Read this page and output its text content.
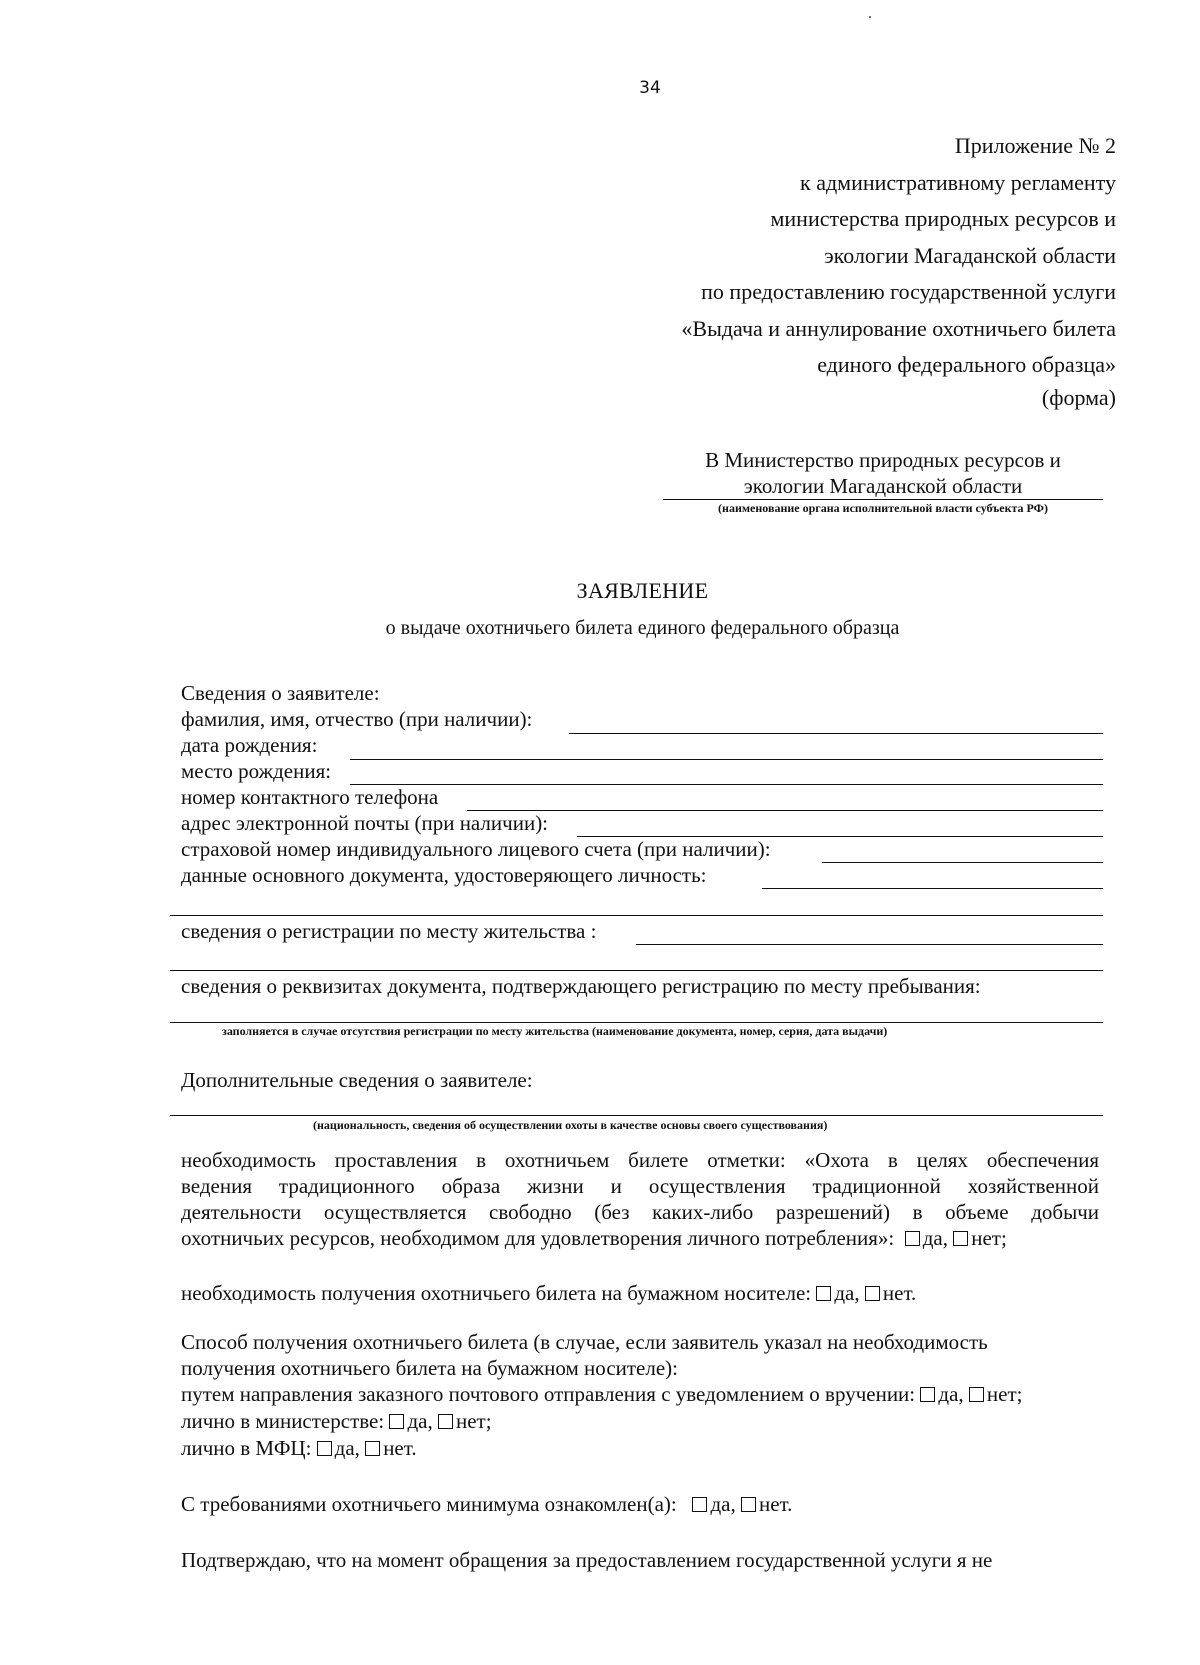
34
Приложение № 2
к административному регламенту
министерства природных ресурсов и
экологии Магаданской области
по предоставлению государственной услуги
«Выдача и аннулирование охотничьего билета
единого федерального образца»
(форма)
В Министерство природных ресурсов и
экологии Магаданской области
(наименование органа исполнительной власти субъекта РФ)
ЗАЯВЛЕНИЕ
о выдаче охотничьего билета единого федерального образца
Сведения о заявителе:
фамилия, имя, отчество (при наличии):
дата рождения:
место рождения:
номер контактного телефона
адрес электронной почты (при наличии):
страховой номер индивидуального лицевого счета (при наличии):
данные основного документа, удостоверяющего личность:
сведения о регистрации по месту жительства :
сведения о реквизитах документа, подтверждающего регистрацию по месту пребывания:
заполняется в случае отсутствия регистрации по месту жительства (наименование документа, номер, серия, дата выдачи)
Дополнительные сведения о заявителе:
(национальность, сведения об осуществлении охоты в качестве основы своего существования)
необходимость проставления в охотничьем билете отметки: «Охота в целях обеспечения
ведения традиционного образа жизни и осуществления традиционной хозяйственной
деятельности осуществляется свободно (без каких-либо разрешений) в объеме добычи
охотничьих ресурсов, необходимом для удовлетворения личного потребления»: да, нет;
необходимость получения охотничьего билета на бумажном носителе: да, нет.
Способ получения охотничьего билета (в случае, если заявитель указал на необходимость
получения охотничьего билета на бумажном носителе):
путем направления заказного почтового отправления с уведомлением о вручении: да, нет;
лично в министерстве: да, нет;
лично в МФЦ: да, нет.
С требованиями охотничьего минимума ознакомлен(а): да, нет.
Подтверждаю, что на момент обращения за предоставлением государственной услуги я не
